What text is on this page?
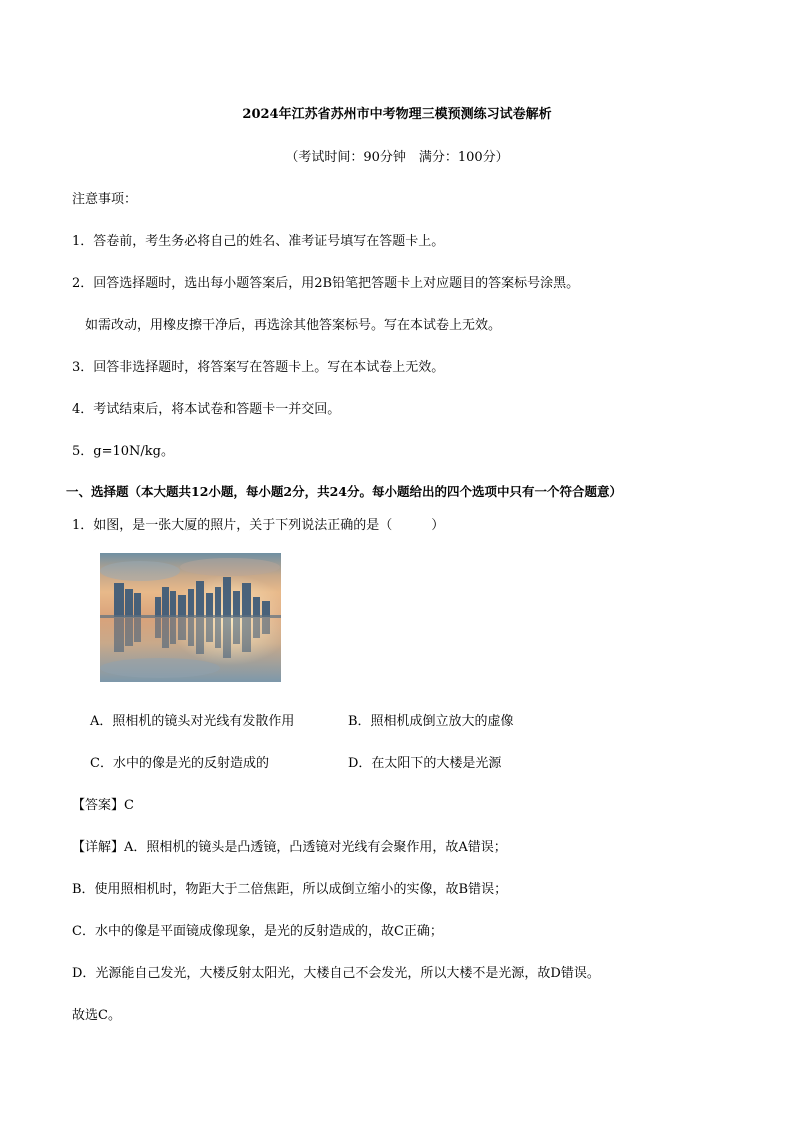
2024年江苏省苏州市中考物理三模预测练习试卷解析
（考试时间：90分钟　满分：100分）
注意事项：
1．答卷前，考生务必将自己的姓名、准考证号填写在答题卡上。
2．回答选择题时，选出每小题答案后，用2B铅笔把答题卡上对应题目的答案标号涂黑。
如需改动，用橡皮擦干净后，再选涂其他答案标号。写在本试卷上无效。
3．回答非选择题时，将答案写在答题卡上。写在本试卷上无效。
4．考试结束后，将本试卷和答题卡一并交回。
5．g=10N/kg。
一、选择题（本大题共12小题，每小题2分，共24分。每小题给出的四个选项中只有一个符合题意）
1．如图，是一张大厦的照片，关于下列说法正确的是（　　　）
A．照相机的镜头对光线有发散作用	B．照相机成倒立放大的虚像
C．水中的像是光的反射造成的	D．在太阳下的大楼是光源
【答案】C
【详解】A．照相机的镜头是凸透镜，凸透镜对光线有会聚作用，故A错误；
B．使用照相机时，物距大于二倍焦距，所以成倒立缩小的实像，故B错误；
C．水中的像是平面镜成像现象，是光的反射造成的，故C正确；
D．光源能自己发光，大楼反射太阳光，大楼自己不会发光，所以大楼不是光源，故D错误。
故选C。
